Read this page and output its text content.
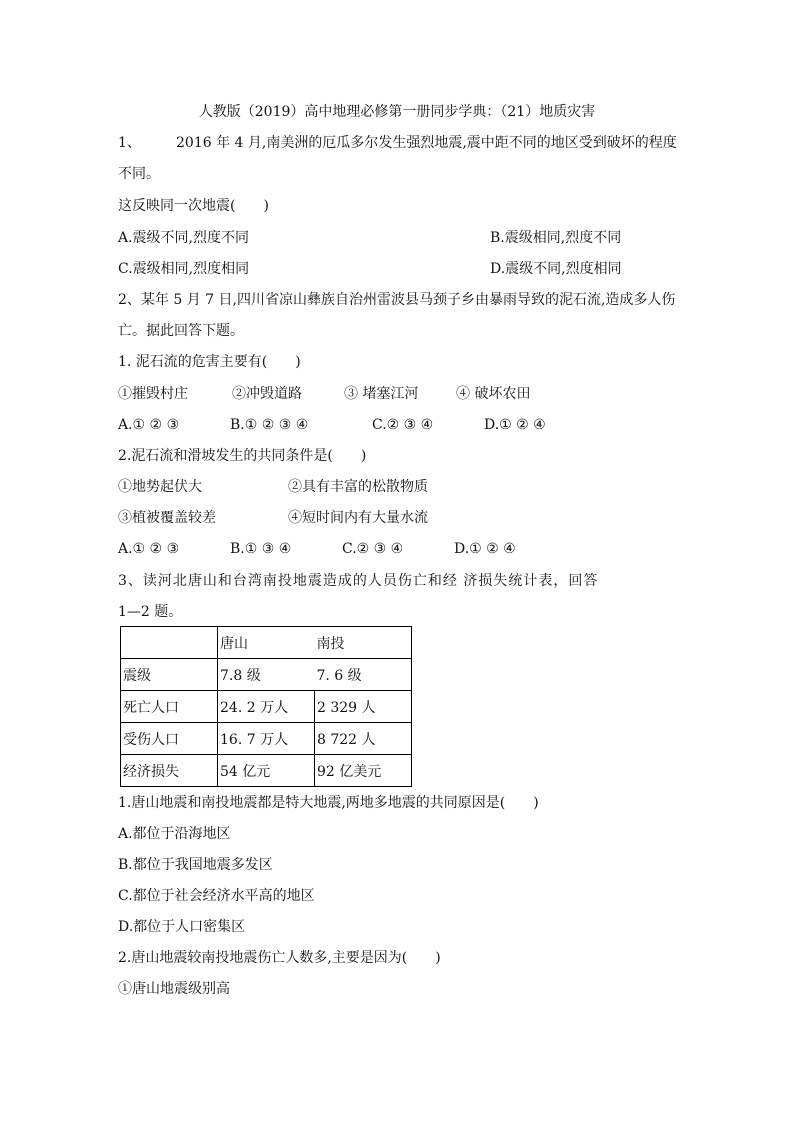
人教版（2019）高中地理必修第一册同步学典：（21）地质灾害
1、	2016 年 4 月,南美洲的厄瓜多尔发生强烈地震,震中距不同的地区受到破坏的程度
不同。
这反映同一次地震(　　)
A.震级不同,烈度不同	B.震级相同,烈度不同
C.震级相同,烈度相同	D.震级不同,烈度相同
2、某年 5 月 7 日,四川省凉山彝族自治州雷波县马颈子乡由暴雨导致的泥石流,造成多人伤
亡。据此回答下题。
1. 泥石流的危害主要有(　　)
①摧毁村庄	②冲毁道路	③ 堵塞江河	④ 破坏农田
A.① ② ③	B.① ② ③ ④	C.② ③ ④	D.① ② ④
2.泥石流和滑坡发生的共同条件是(　　)
①地势起伏大	②具有丰富的松散物质
③植被覆盖较差	④短时间内有大量水流
A.① ② ③	B.① ③ ④	C.② ③ ④	D.① ② ④
3、读河北唐山和台湾南投地震造成的人员伤亡和经 济损失统计表，回答
1—2 题。
	唐山	南投
震级	7.8 级	7. 6 级
死亡人口	24. 2 万人	2 329 人
受伤人口	16. 7 万人	8 722 人
经济损失	54 亿元	92 亿美元
1.唐山地震和南投地震都是特大地震,两地多地震的共同原因是(　　)
A.都位于沿海地区
B.都位于我国地震多发区
C.都位于社会经济水平高的地区
D.都位于人口密集区
2.唐山地震较南投地震伤亡人数多,主要是因为(　　)
①唐山地震级别高
